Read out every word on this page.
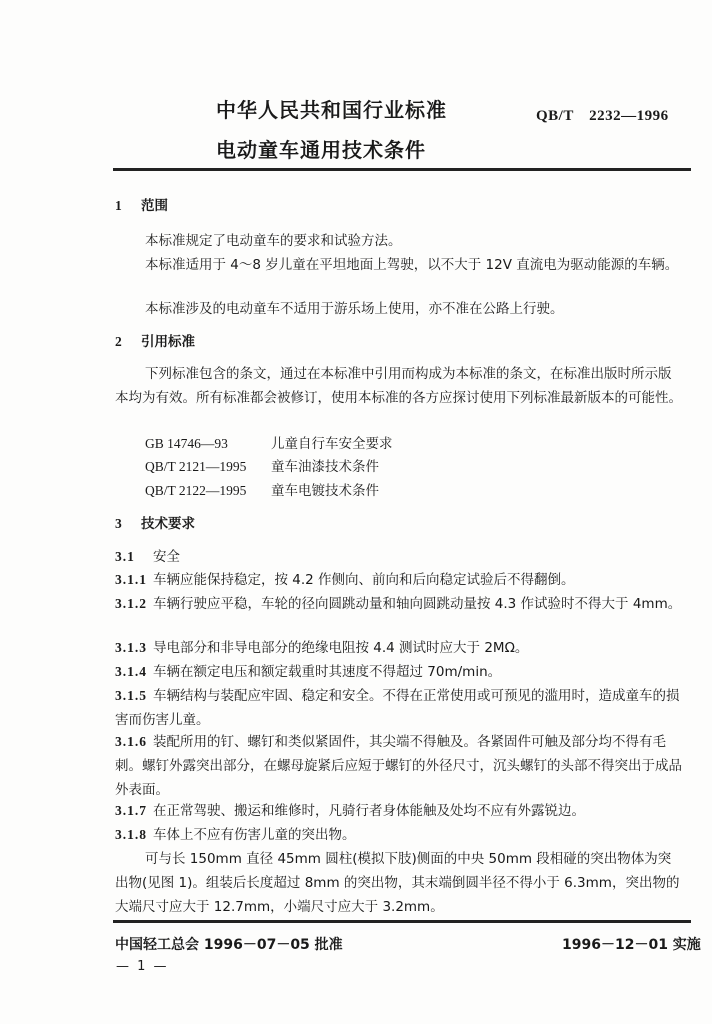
中华人民共和国行业标准	QB/T　2232—1996
电动童车通用技术条件
1 范围
本标准规定了电动童车的要求和试验方法。
本标准适用于 4～8 岁儿童在平坦地面上驾驶，以不大于 12V 直流电为驱动能源的车辆。
本标准涉及的电动童车不适用于游乐场上使用，亦不准在公路上行驶。
2 引用标准
下列标准包含的条文，通过在本标准中引用而构成为本标准的条文，在标准出版时所示版本均为有效。所有标准都会被修订，使用本标准的各方应探讨使用下列标准最新版本的可能性。
GB 14746—93	儿童自行车安全要求
QB/T 2121—1995 童车油漆技术条件
QB/T 2122—1995 童车电镀技术条件
3 技术要求
3.1 安全
3.1.1 车辆应能保持稳定，按 4.2 作侧向、前向和后向稳定试验后不得翻倒。
3.1.2 车辆行驶应平稳，车轮的径向圆跳动量和轴向圆跳动量按 4.3 作试验时不得大于 4mm。
3.1.3 导电部分和非导电部分的绝缘电阻按 4.4 测试时应大于 2MΩ。
3.1.4 车辆在额定电压和额定载重时其速度不得超过 70m/min。
3.1.5 车辆结构与装配应牢固、稳定和安全。不得在正常使用或可预见的滥用时，造成童车的损害而伤害儿童。
3.1.6 装配所用的钉、螺钉和类似紧固件，其尖端不得触及。各紧固件可触及部分均不得有毛刺。螺钉外露突出部分，在螺母旋紧后应短于螺钉的外径尺寸，沉头螺钉的头部不得突出于成品外表面。
3.1.7 在正常驾驶、搬运和维修时，凡骑行者身体能触及处均不应有外露锐边。
3.1.8 车体上不应有伤害儿童的突出物。
可与长 150mm 直径 45mm 圆柱(模拟下肢)侧面的中央 50mm 段相碰的突出物体为突出物(见图 1)。组装后长度超过 8mm 的突出物，其末端倒圆半径不得小于 6.3mm，突出物的大端尺寸应大于 12.7mm，小端尺寸应大于 3.2mm。
中国轻工总会 1996－07－05 批准	1996－12－01 实施
— 1 —
